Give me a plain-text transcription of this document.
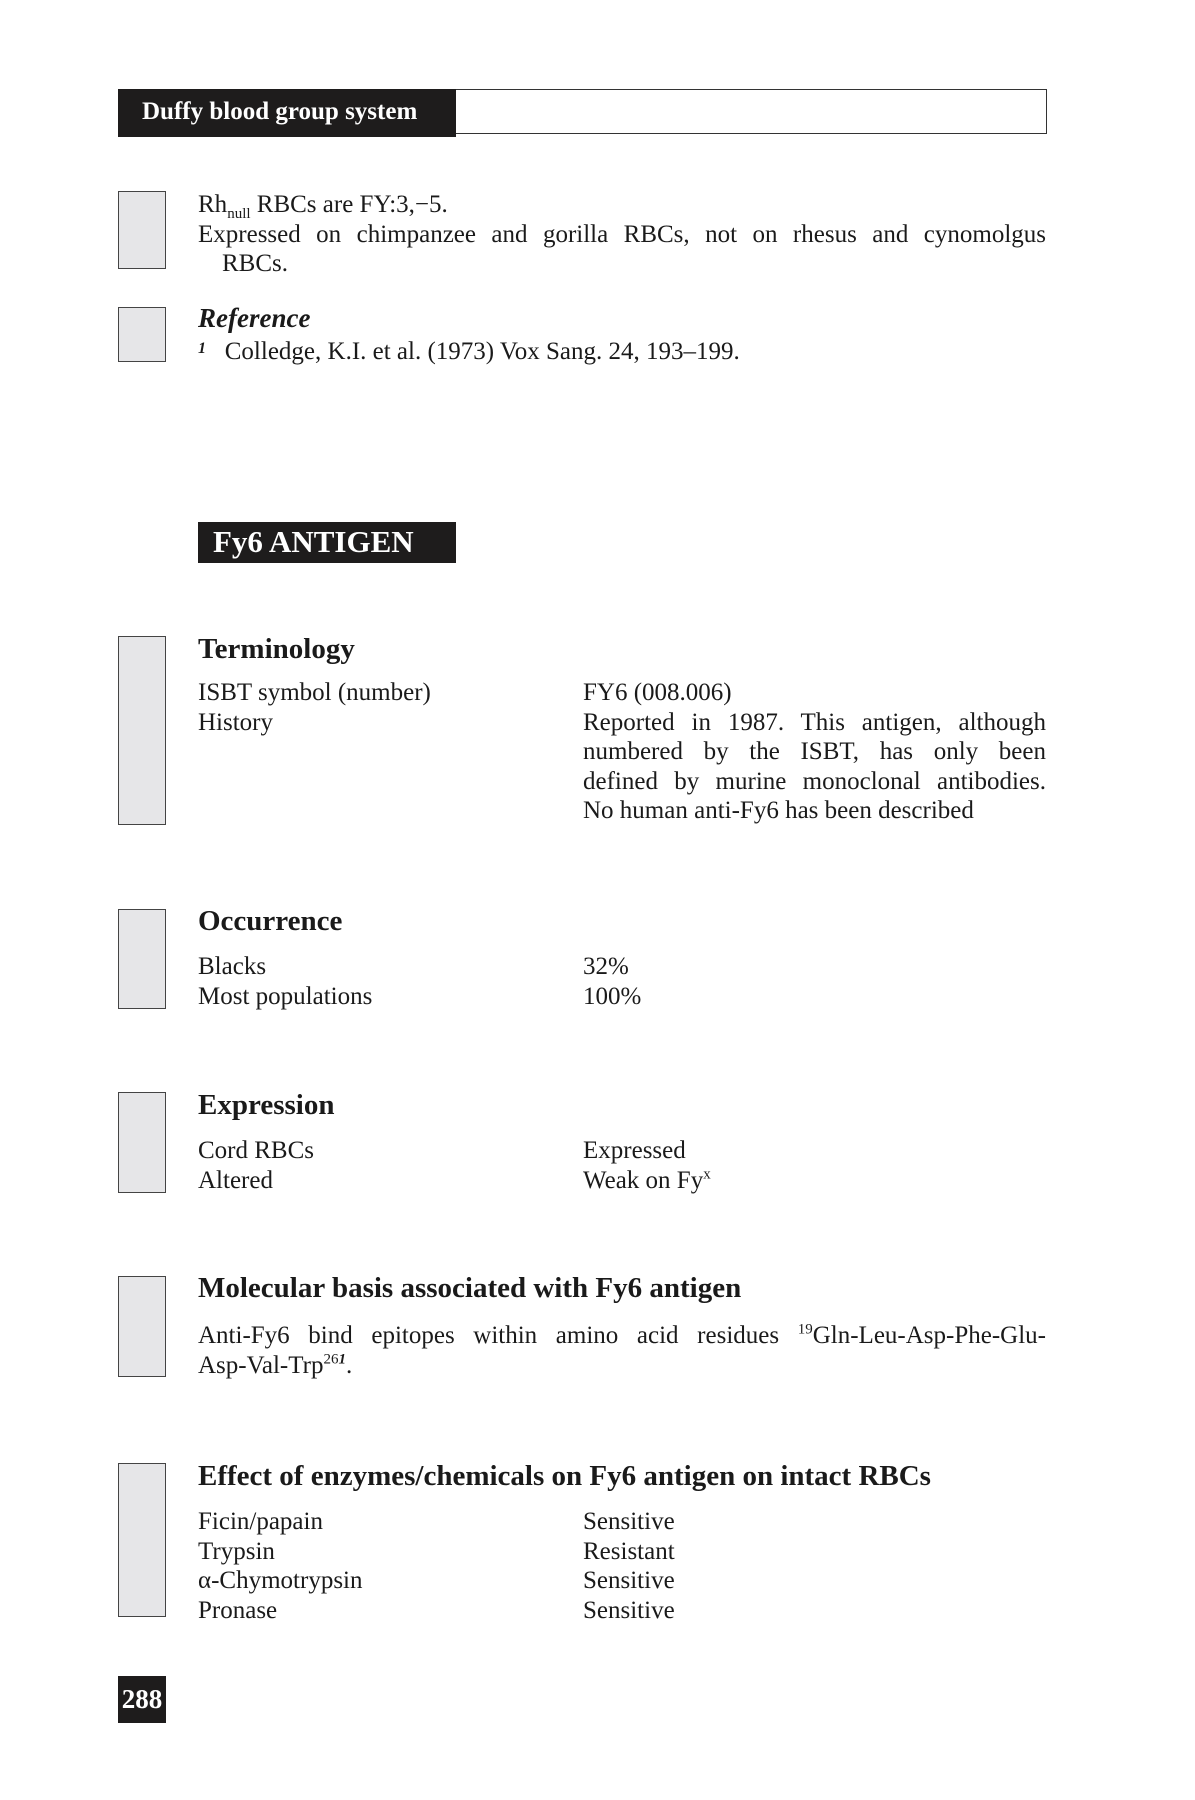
Duffy blood group system
$Rh_{null}$ RBCs are FY:3,−5.
Expressed on chimpanzee and gorilla RBCs, not on rhesus and cynomolgus
RBCs.
Reference
$^1$ Colledge, K.I. et al. (1973) Vox Sang. 24, 193–199.
Fy6 ANTIGEN
Terminology
ISBT symbol (number)	FY6 (008.006)
History	Reported in 1987. This antigen, although
numbered by the ISBT, has only been
defined by murine monoclonal antibodies.
No human anti-Fy6 has been described
Occurrence
Blacks	32%
Most populations	100%
Expression
Cord RBCs	Expressed
Altered	Weak on Fy$^x$
Molecular basis associated with Fy6 antigen
Anti-Fy6 bind epitopes within amino acid residues $^{19}$Gln-Leu-Asp-Phe-Glu-
Asp-Val-Trp$^{261}$.
Effect of enzymes/chemicals on Fy6 antigen on intact RBCs
Ficin/papain	Sensitive
Trypsin	Resistant
α-Chymotrypsin	Sensitive
Pronase	Sensitive
288
